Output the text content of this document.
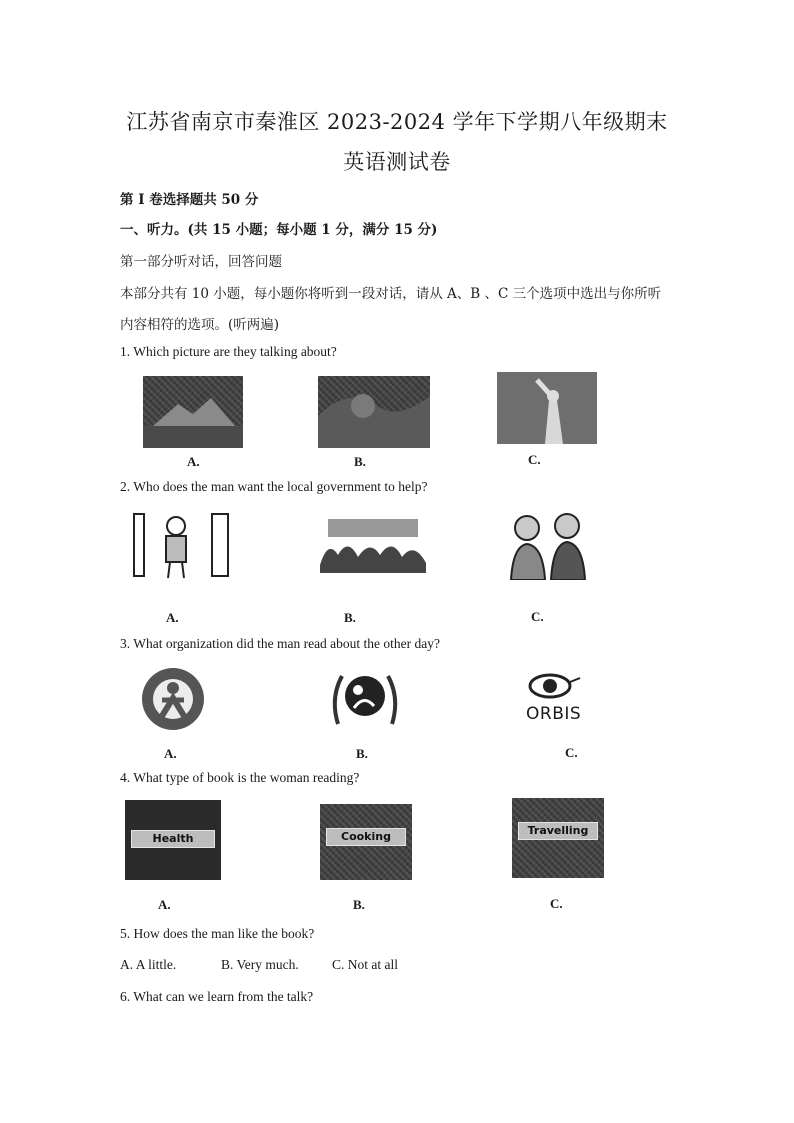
江苏省南京市秦淮区 2023-2024 学年下学期八年级期末
英语测试卷
第 I 卷选择题共 50 分
一、听力。(共 15 小题；每小题 1 分，满分 15 分)
第一部分听对话，回答问题
本部分共有 10 小题，每小题你将听到一段对话，请从 A、B 、C 三个选项中选出与你所听
内容相符的选项。(听两遍)
1. Which picture are they talking about?
A.	B.	C.
2. Who does the man want the local government to help?
A.	B.	C.
3. What organization did the man read about the other day?
ORBIS
A.	B.	C.
4. What type of book is the woman reading?
Health	Cooking	Travelling
A.	B.	C.
5. How does the man like the book?
A. A little.	B. Very much. C. Not at all
6. What can we learn from the talk?
